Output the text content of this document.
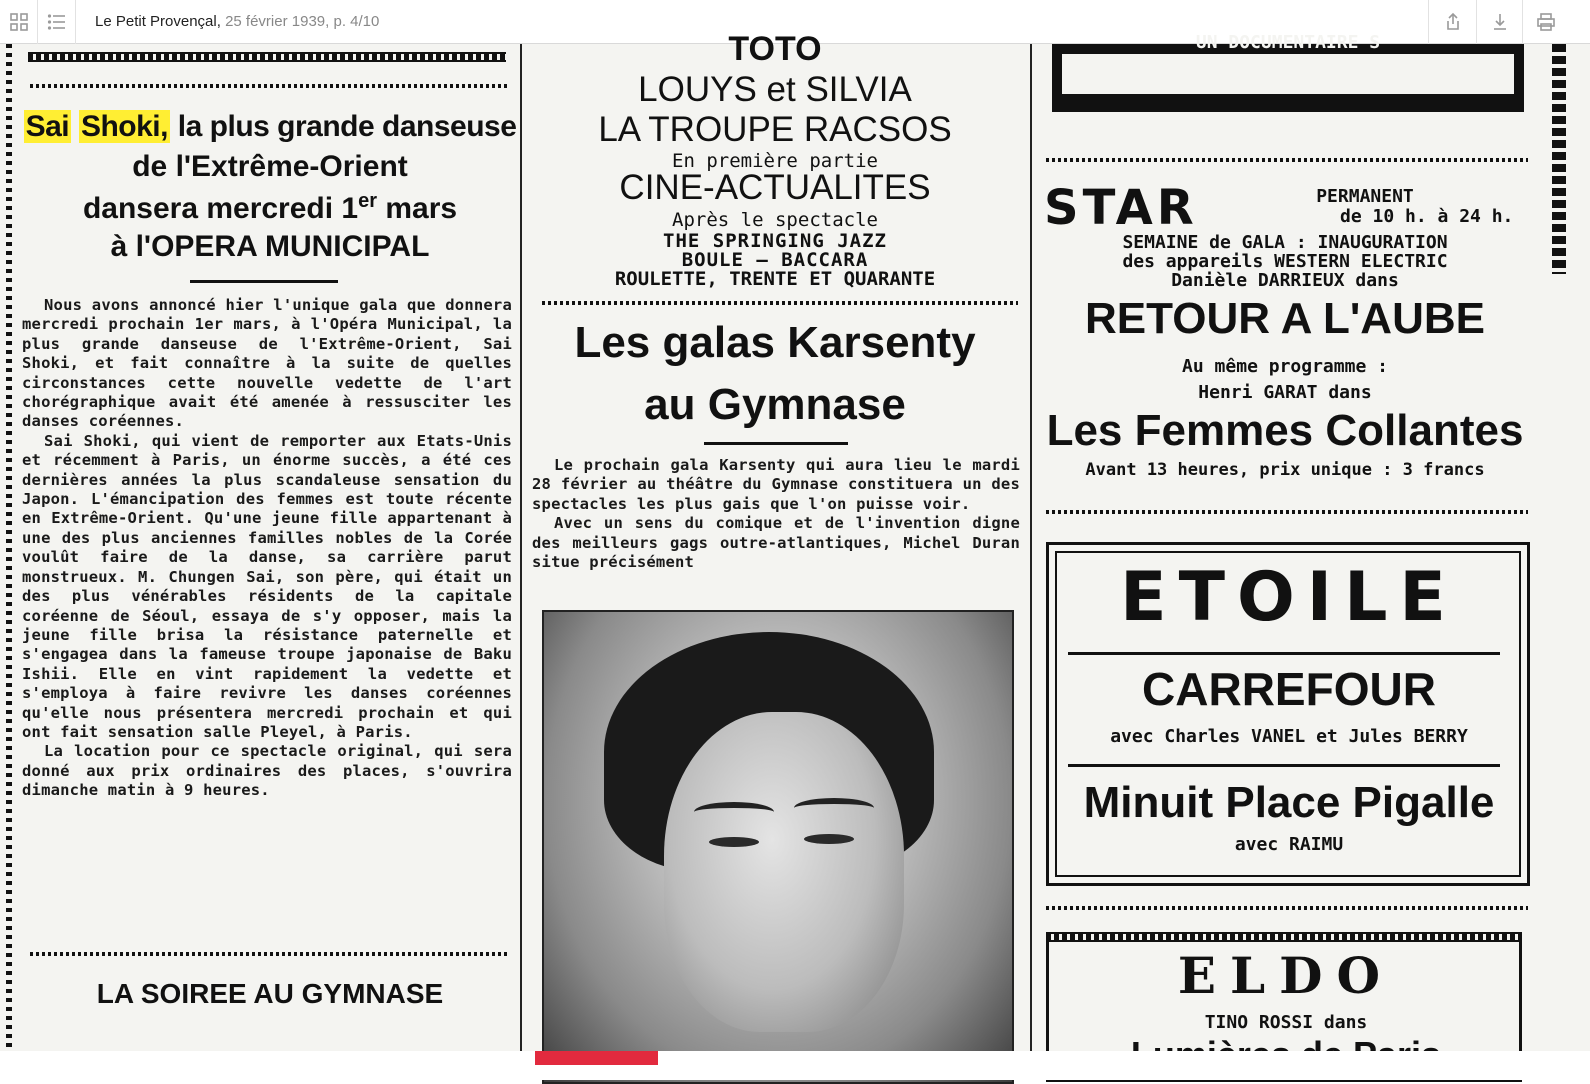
Le Petit Provençal, 25 février 1939, p. 4/10
Sai Shoki, la plus grande danseuse
de l'Extrême-Orient
dansera mercredi 1er mars
à l'OPERA MUNICIPAL

Nous avons annoncé hier l'unique gala que donnera mercredi prochain 1er mars, à l'Opéra Municipal, la plus grande danseuse de l'Extrême-Orient, Sai Shoki, et fait connaître à la suite de quelles circonstances cette nouvelle vedette de l'art chorégraphique avait été amenée à ressusciter les danses coréennes.

Sai Shoki, qui vient de remporter aux Etats-Unis et récemment à Paris, un énorme succès, a été ces dernières années la plus scandaleuse sensation du Japon. L'émancipation des femmes est toute récente en Extrême-Orient. Qu'une jeune fille appartenant à une des plus anciennes familles nobles de la Corée voulût faire de la danse, sa carrière parut monstrueux. M. Chungen Sai, son père, qui était un des plus vénérables résidents de la capitale coréenne de Séoul, essaya de s'y opposer, mais la jeune fille brisa la résistance paternelle et s'engagea dans la fameuse troupe japonaise de Baku Ishii. Elle en vint rapidement la vedette et s'employa à faire revivre les danses coréennes qu'elle nous présentera mercredi prochain et qui ont fait sensation salle Pleyel, à Paris.

La location pour ce spectacle original, qui sera donné aux prix ordinaires des places, s'ouvrira dimanche matin à 9 heures.

LA SOIREE AU GYMNASE
TOTO
LOUYS et SILVIA
LA TROUPE RACSOS
En première partie
CINE-ACTUALITES
Après le spectacle
THE SPRINGING JAZZ
BOULE — BACCARA
ROULETTE, TRENTE ET QUARANTE
Les galas Karsenty
au Gymnase

Le prochain gala Karsenty qui aura lieu le mardi 28 février au théâtre du Gymnase constituera un des spectacles les plus gais que l'on puisse voir.

Avec un sens du comique et de l'invention digne des meilleurs gags outre-atlantiques, Michel Duran situe précisément

UN DOCUMENTAIRE S
STAR	PERMANENT
de 10 h. à 24 h.
SEMAINE de GALA : INAUGURATION
des appareils WESTERN ELECTRIC
Danièle DARRIEUX dans
RETOUR A L'AUBE
Au même programme :
Henri GARAT dans
Les Femmes Collantes
Avant 13 heures, prix unique : 3 francs
ETOILE
CARREFOUR
avec Charles VANEL et Jules BERRY
Minuit Place Pigalle
avec RAIMU
ELDO
TINO ROSSI dans
